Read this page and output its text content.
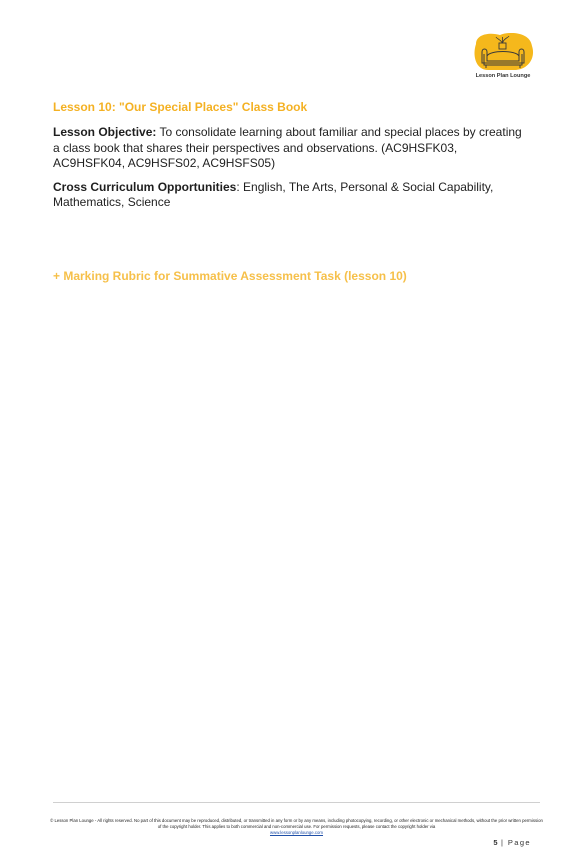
Lesson Plan Lounge
Lesson 10: "Our Special Places" Class Book

Lesson Objective: To consolidate learning about familiar and special places by creating a class book that shares their perspectives and observations. (AC9HSFK03, AC9HSFK04, AC9HSFS02, AC9HSFS05)

Cross Curriculum Opportunities: English, The Arts, Personal & Social Capability, Mathematics, Science

+ Marking Rubric for Summative Assessment Task (lesson 10)
© Lesson Plan Lounge - All rights reserved. No part of this document may be reproduced, distributed, or transmitted in any form or by any means, including photocopying, recording, or other electronic or mechanical methods, without the prior written permission of the copyright holder. This applies to both commercial and non-commercial use. For permission requests, please contact the copyright holder via
www.lessonplanlounge.com
5 | Page
